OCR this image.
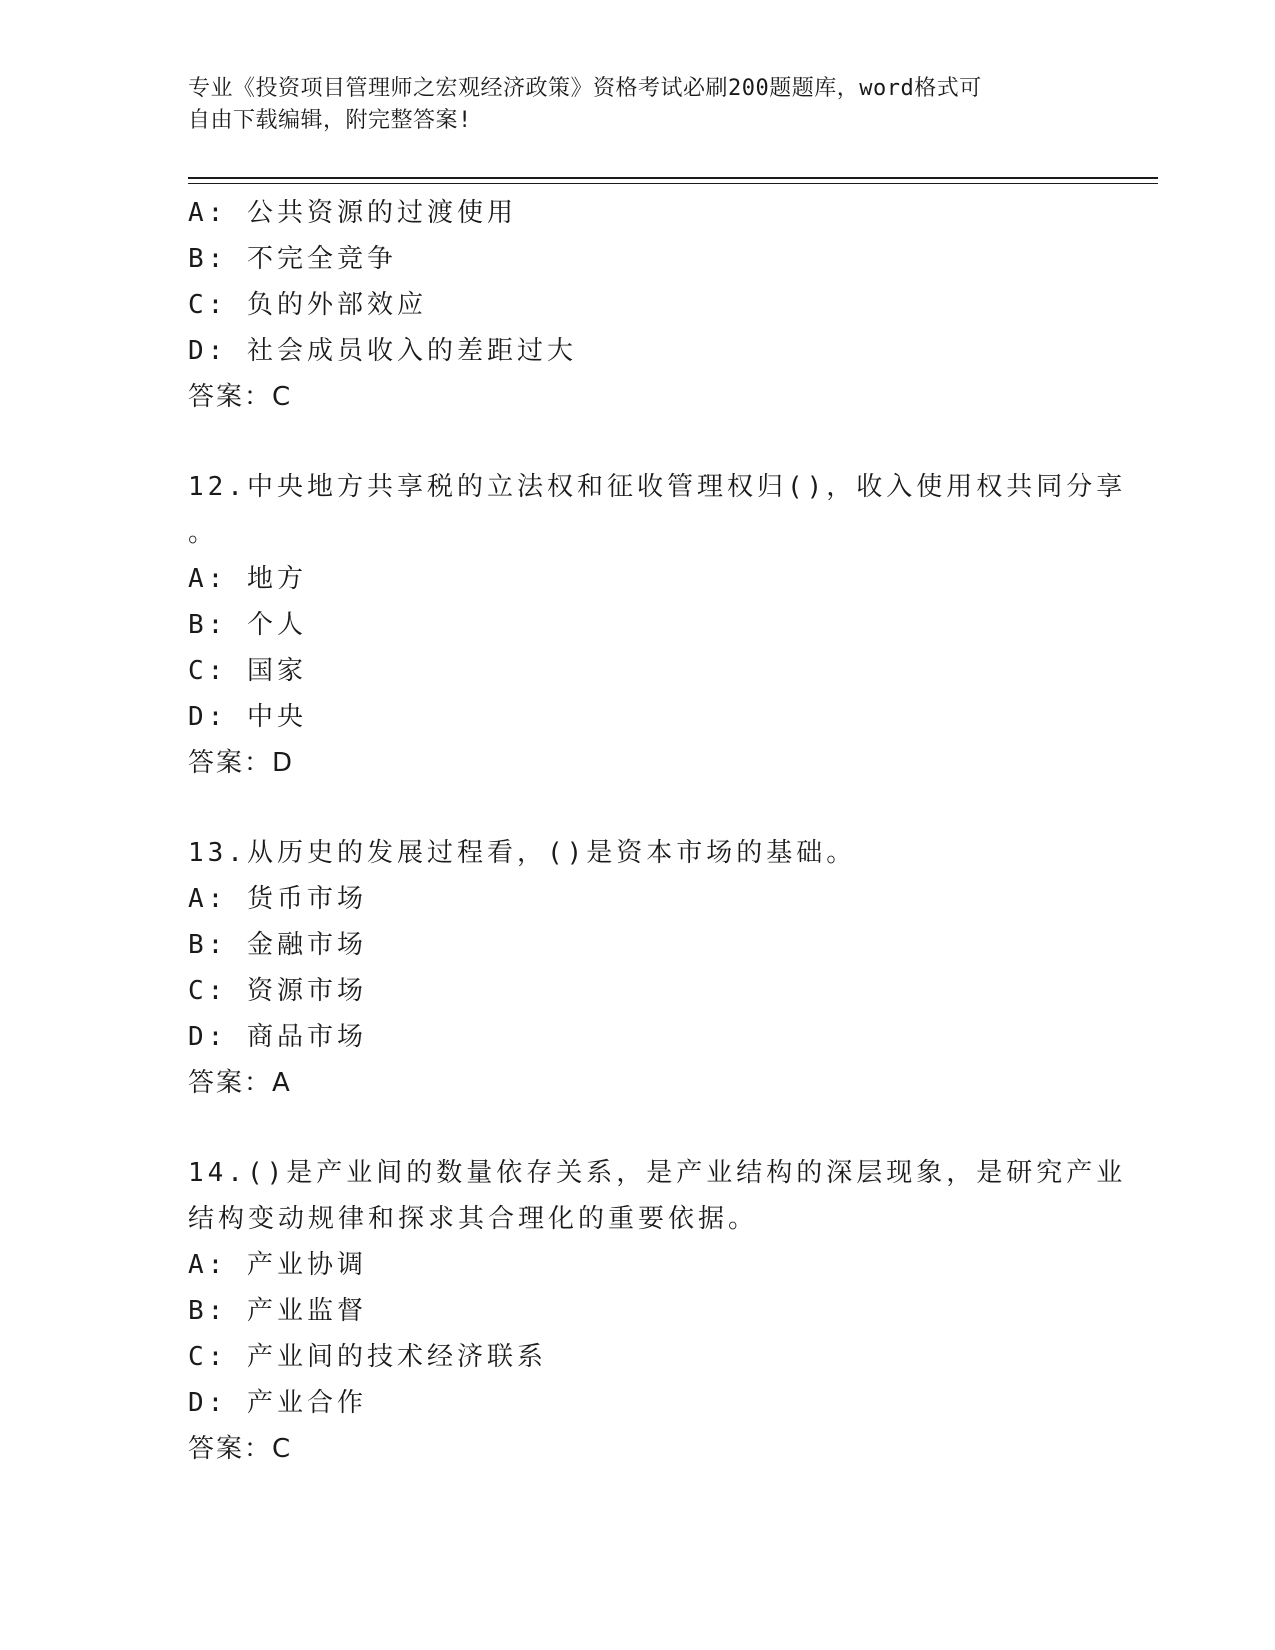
专业《投资项目管理师之宏观经济政策》资格考试必刷200题题库，word格式可
自由下载编辑，附完整答案!
A: 公共资源的过渡使用
B: 不完全竞争
C: 负的外部效应
D: 社会成员收入的差距过大
答案：C
12.中央地方共享税的立法权和征收管理权归()，收入使用权共同分享
。
A: 地方
B: 个人
C: 国家
D: 中央
答案：D
13.从历史的发展过程看，()是资本市场的基础。
A: 货币市场
B: 金融市场
C: 资源市场
D: 商品市场
答案：A
14.()是产业间的数量依存关系，是产业结构的深层现象，是研究产业
结构变动规律和探求其合理化的重要依据。
A: 产业协调
B: 产业监督
C: 产业间的技术经济联系
D: 产业合作
答案：C
